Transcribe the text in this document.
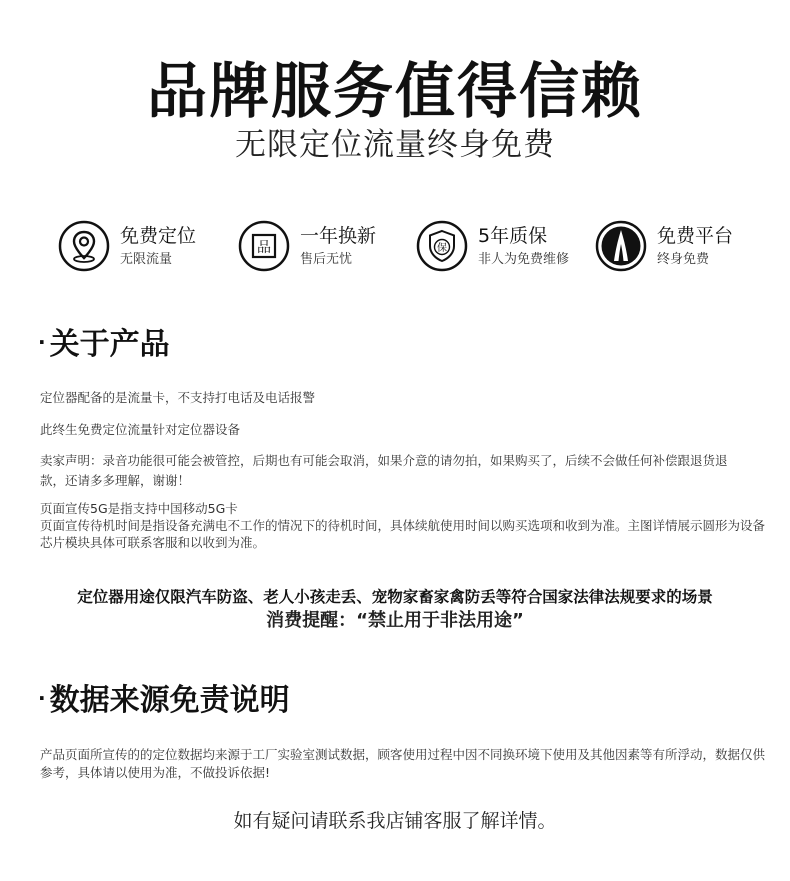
品牌服务值得信赖
无限定位流量终身免费
免费定位
无限流量
品
一年换新
售后无忧
保
5年质保
非人为免费维修
免费平台
终身免费
· 关于产品
定位器配备的是流量卡，不支持打电话及电话报警
此终生免费定位流量针对定位器设备
卖家声明：录音功能很可能会被管控，后期也有可能会取消，如果介意的请勿拍，如果购买了，后续不会做任何补偿跟退货退款，还请多多理解，谢谢！
页面宣传5G是指支持中国移动5G卡
页面宣传待机时间是指设备充满电不工作的情况下的待机时间，具体续航使用时间以购买选项和收到为准。主图详情展示圆形为设备芯片模块具体可联系客服和以收到为准。
定位器用途仅限汽车防盗、老人小孩走丢、宠物家畜家禽防丢等符合国家法律法规要求的场景
消费提醒：“禁止用于非法用途”
· 数据来源免责说明
产品页面所宣传的的定位数据均来源于工厂实验室测试数据，顾客使用过程中因不同换环境下使用及其他因素等有所浮动，数据仅供参考，具体请以使用为准，不做投诉依据!
如有疑问请联系我店铺客服了解详情。
